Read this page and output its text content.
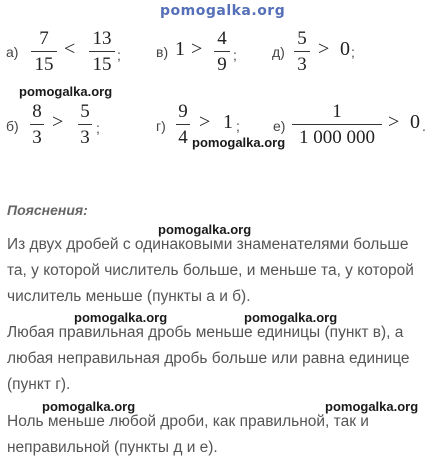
pomogalka.org
а)
7
15
< 13
15 ;	в) 1 > 4
9 ;	д)
5
3
> 0 ;
pomogalka.org
б)
8
3
> 5
3 ;	г)
9
4
> 1 ; е)
1
1 000 000
> 0 .
pomogalka.org
Пояснения:
pomogalka.org
Из двух дробей с одинаковыми знаменателями больше
та, у которой числитель больше, и меньше та, у которой
числитель меньше (пункты а и б).
pomogalka.org	pomogalka.org
Любая правильная дробь меньше единицы (пункт в), а
любая неправильная дробь больше или равна единице
(пункт г).
pomogalka.org	pomogalka.org
Ноль меньше любой дроби, как правильной, так и
неправильной (пункты д и е).
